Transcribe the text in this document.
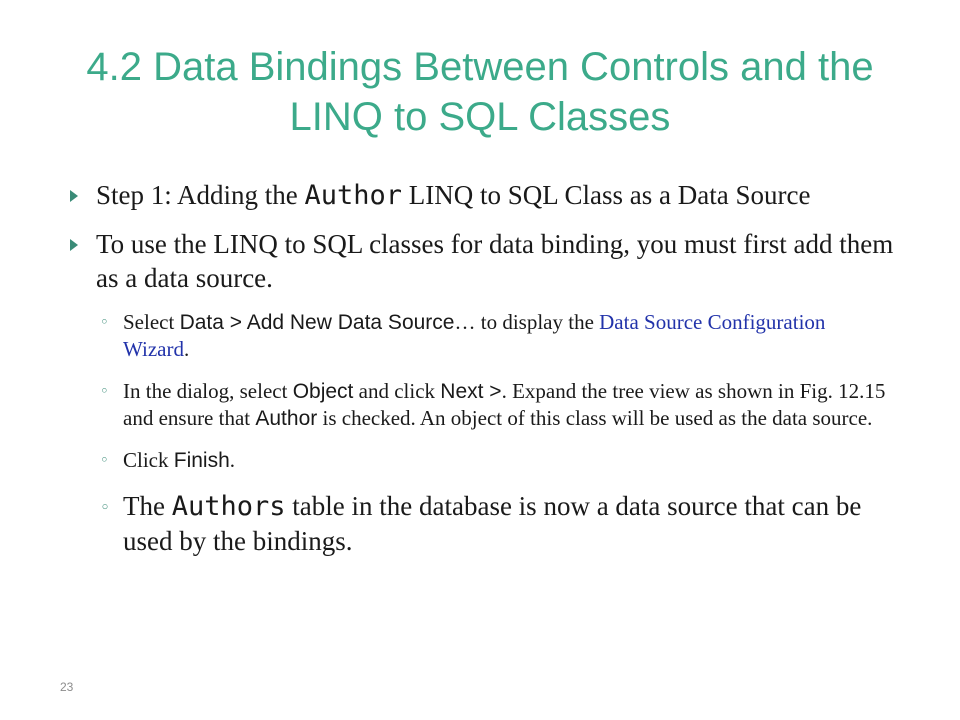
4.2 Data Bindings Between Controls and the
LINQ to SQL Classes
Step 1: Adding the Author LINQ to SQL Class as a Data Source
To use the LINQ to SQL classes for data binding, you must first add them as a data source.
◦ Select Data > Add New Data Source… to display the Data Source Configuration Wizard.
◦ In the dialog, select Object and click Next >. Expand the tree view as shown in Fig. 12.15 and ensure that Author is checked. An object of this class will be used as the data source.
◦ Click Finish.
◦ The Authors table in the database is now a data source that can be used by the bindings.
23
